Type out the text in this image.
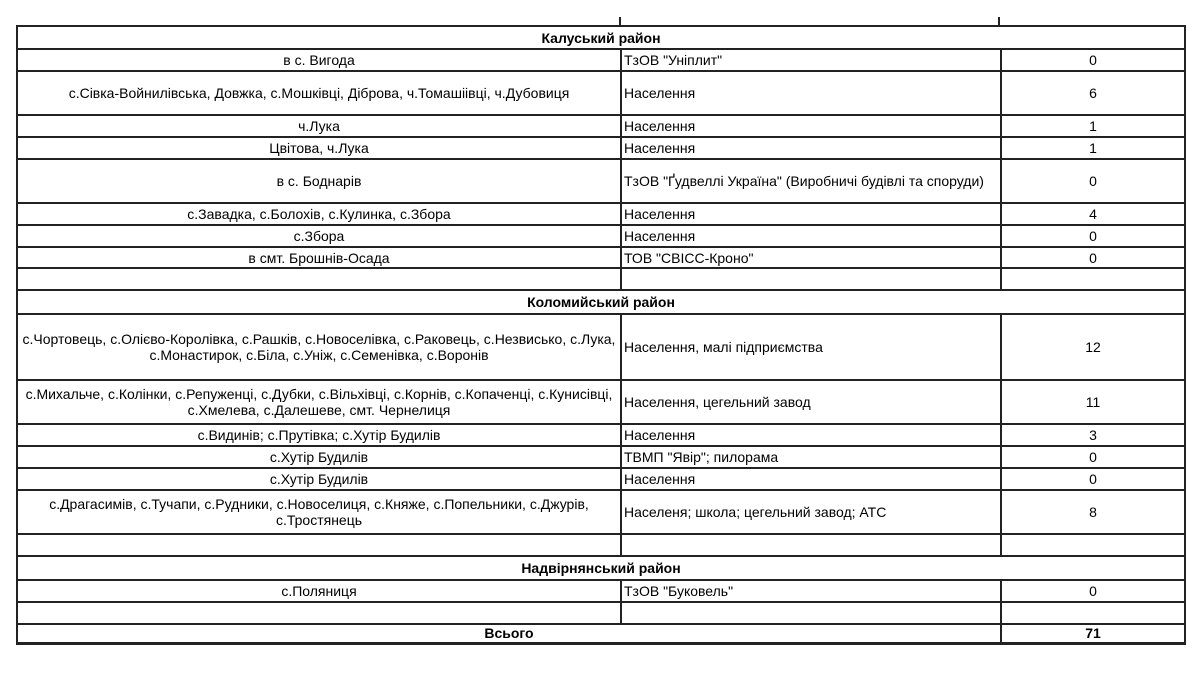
Калуський район		
в с. Вигода	ТзОВ "Уніплит"	0
с.Сівка-Войнилівська, Довжка, с.Мошківці, Діброва, ч.Томашіівці, ч.Дубовиця	Населення	6
ч.Лука	Населення	1
Цвітова, ч.Лука	Населення	1
в с. Боднарів	ТзОВ "Ґудвеллі Україна" (Виробничі будівлі та споруди)	0
с.Завадка, с.Болохів, с.Кулинка, с.Збора	Населення	4
с.Збора	Населення	0
в смт. Брошнів-Осада	ТОВ "СВІСС-Кроно"	0

Коломийський район		
с.Чортовець, с.Олієво-Королівка, с.Рашків, с.Новоселівка, с.Раковець, с.Незвисько, с.Лука, с.Монастирок, с.Біла, с.Уніж, с.Семенівка, с.Воронів	Населення, малі підприємства	12
с.Михальче, с.Колінки, с.Репуженці, с.Дубки, с.Вільхівці, с.Корнів, с.Копаченці, с.Кунисівці, с.Хмелева, с.Далешеве, смт. Чернелиця	Населення, цегельний завод	11
с.Видинів; с.Прутівка; с.Хутір Будилів	Населення	3
с.Хутір Будилів	ТВМП "Явір"; пилорама	0
с.Хутір Будилів	Населення	0
с.Драгасимів, с.Тучапи, с.Рудники, с.Новоселиця, с.Княже, с.Попельники, с.Джурів, с.Тростянець	Населеня; школа; цегельний завод; АТС	8

Надвірнянський район		
с.Поляниця	ТзОВ "Буковель"	0

Всього		71
